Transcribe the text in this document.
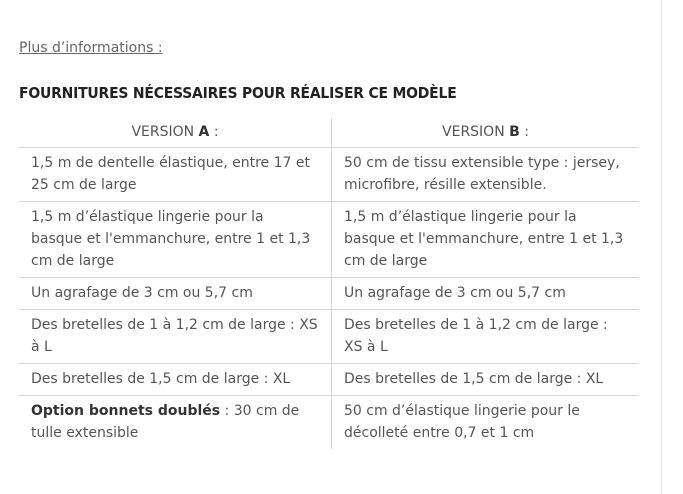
Plus d’informations :
FOURNITURES NÉCESSAIRES POUR RÉALISER CE MODÈLE
VERSION A :	VERSION B :
1,5 m de dentelle élastique, entre 17 et 25 cm de large	50 cm de tissu extensible type : jersey, microfibre, résille extensible.
1,5 m d’élastique lingerie pour la basque et l'emmanchure, entre 1 et 1,3 cm de large	1,5 m d’élastique lingerie pour la basque et l'emmanchure, entre 1 et 1,3 cm de large
Un agrafage de 3 cm ou 5,7 cm	Un agrafage de 3 cm ou 5,7 cm
Des bretelles de 1 à 1,2 cm de large : XS à L	Des bretelles de 1 à 1,2 cm de large : XS à L
Des bretelles de 1,5 cm de large : XL	Des bretelles de 1,5 cm de large : XL
Option bonnets doublés : 30 cm de tulle extensible	50 cm d’élastique lingerie pour le décolleté entre 0,7 et 1 cm
